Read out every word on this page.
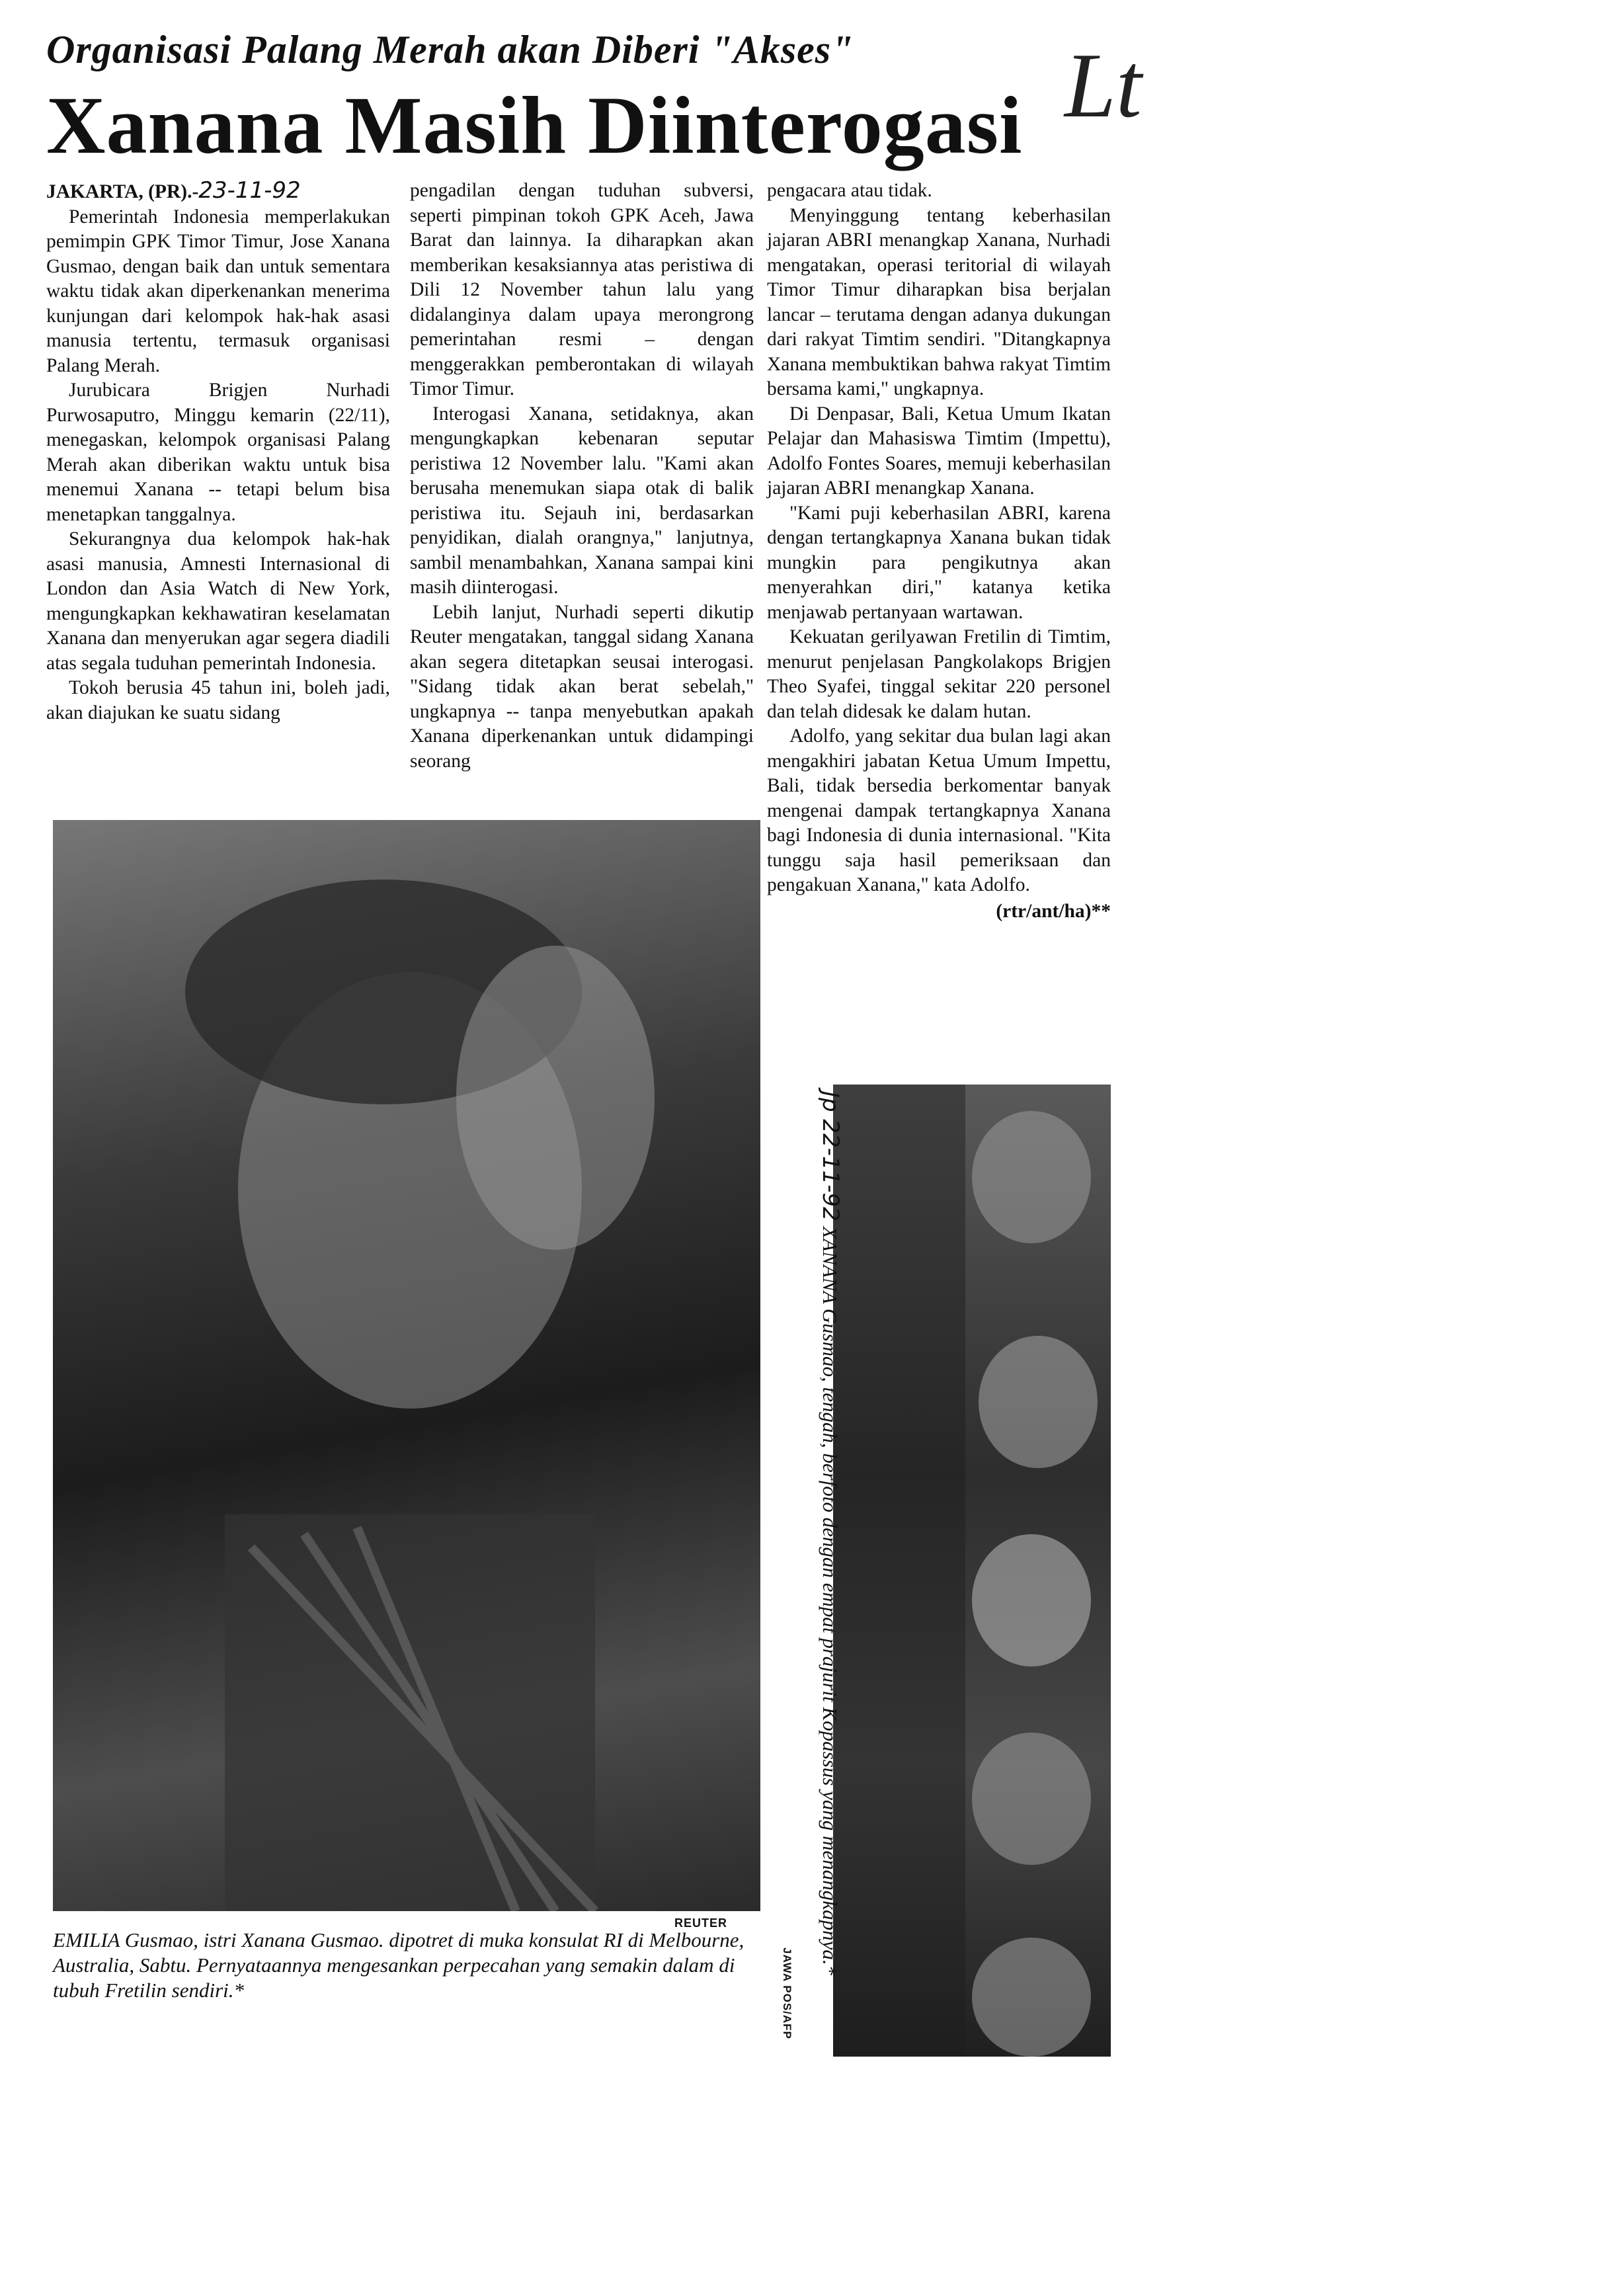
Organisasi Palang Merah akan Diberi "Akses"
Xanana Masih Diinterogasi Lt

JAKARTA, (PR).-23-11-92

Pemerintah Indonesia memperlakukan pemimpin GPK Timor Timur, Jose Xanana Gusmao, dengan baik dan untuk sementara waktu tidak akan diperkenankan menerima kunjungan dari kelompok hak-hak asasi manusia tertentu, termasuk organisasi Palang Merah.

Jurubicara Brigjen Nurhadi Purwosaputro, Minggu kemarin (22/11), menegaskan, kelompok organisasi Palang Merah akan diberikan waktu untuk bisa menemui Xanana -- tetapi belum bisa menetapkan tanggalnya.

Sekurangnya dua kelompok hak-hak asasi manusia, Amnesti Internasional di London dan Asia Watch di New York, mengungkapkan kekhawatiran keselamatan Xanana dan menyerukan agar segera diadili atas segala tuduhan pemerintah Indonesia.

Tokoh berusia 45 tahun ini, boleh jadi, akan diajukan ke suatu sidang

pengadilan dengan tuduhan subversi, seperti pimpinan tokoh GPK Aceh, Jawa Barat dan lainnya. Ia diharapkan akan memberikan kesaksiannya atas peristiwa di Dili 12 November tahun lalu yang didalanginya dalam upaya merongrong pemerintahan resmi – dengan menggerakkan pemberontakan di wilayah Timor Timur.

Interogasi Xanana, setidaknya, akan mengungkapkan kebenaran seputar peristiwa 12 November lalu. "Kami akan berusaha menemukan siapa otak di balik peristiwa itu. Sejauh ini, berdasarkan penyidikan, dialah orangnya," lanjutnya, sambil menambahkan, Xanana sampai kini masih diinterogasi.

Lebih lanjut, Nurhadi seperti dikutip Reuter mengatakan, tanggal sidang Xanana akan segera ditetapkan seusai interogasi. "Sidang tidak akan berat sebelah," ungkapnya -- tanpa menyebutkan apakah Xanana diperkenankan untuk didampingi seorang

pengacara atau tidak.

Menyinggung tentang keberhasilan jajaran ABRI menangkap Xanana, Nurhadi mengatakan, operasi teritorial di wilayah Timor Timur diharapkan bisa berjalan lancar – terutama dengan adanya dukungan dari rakyat Timtim sendiri. "Ditangkapnya Xanana membuktikan bahwa rakyat Timtim bersama kami," ungkapnya.

Di Denpasar, Bali, Ketua Umum Ikatan Pelajar dan Mahasiswa Timtim (Impettu), Adolfo Fontes Soares, memuji keberhasilan jajaran ABRI menangkap Xanana.

"Kami puji keberhasilan ABRI, karena dengan tertangkapnya Xanana bukan tidak mungkin para pengikutnya akan menyerahkan diri," katanya ketika menjawab pertanyaan wartawan.

Kekuatan gerilyawan Fretilin di Timtim, menurut penjelasan Pangkolakops Brigjen Theo Syafei, tinggal sekitar 220 personel dan telah didesak ke dalam hutan.

Adolfo, yang sekitar dua bulan lagi akan mengakhiri jabatan Ketua Umum Impettu, Bali, tidak bersedia berkomentar banyak mengenai dampak tertangkapnya Xanana bagi Indonesia di dunia internasional. "Kita tunggu saja hasil pemeriksaan dan pengakuan Xanana," kata Adolfo.

(rtr/ant/ha)**
REUTER
EMILIA Gusmao, istri Xanana Gusmao. dipotret di muka konsulat RI di Melbourne, Australia, Sabtu. Pernyataannya mengesankan perpecahan yang semakin dalam di tubuh Fretilin sendiri.*
Jp 22-11-92 XANANA Gusmao, tengah, berfoto dengan empat prajurit Kopassus yang menangkapnya.*
JAWA POS/AFP
